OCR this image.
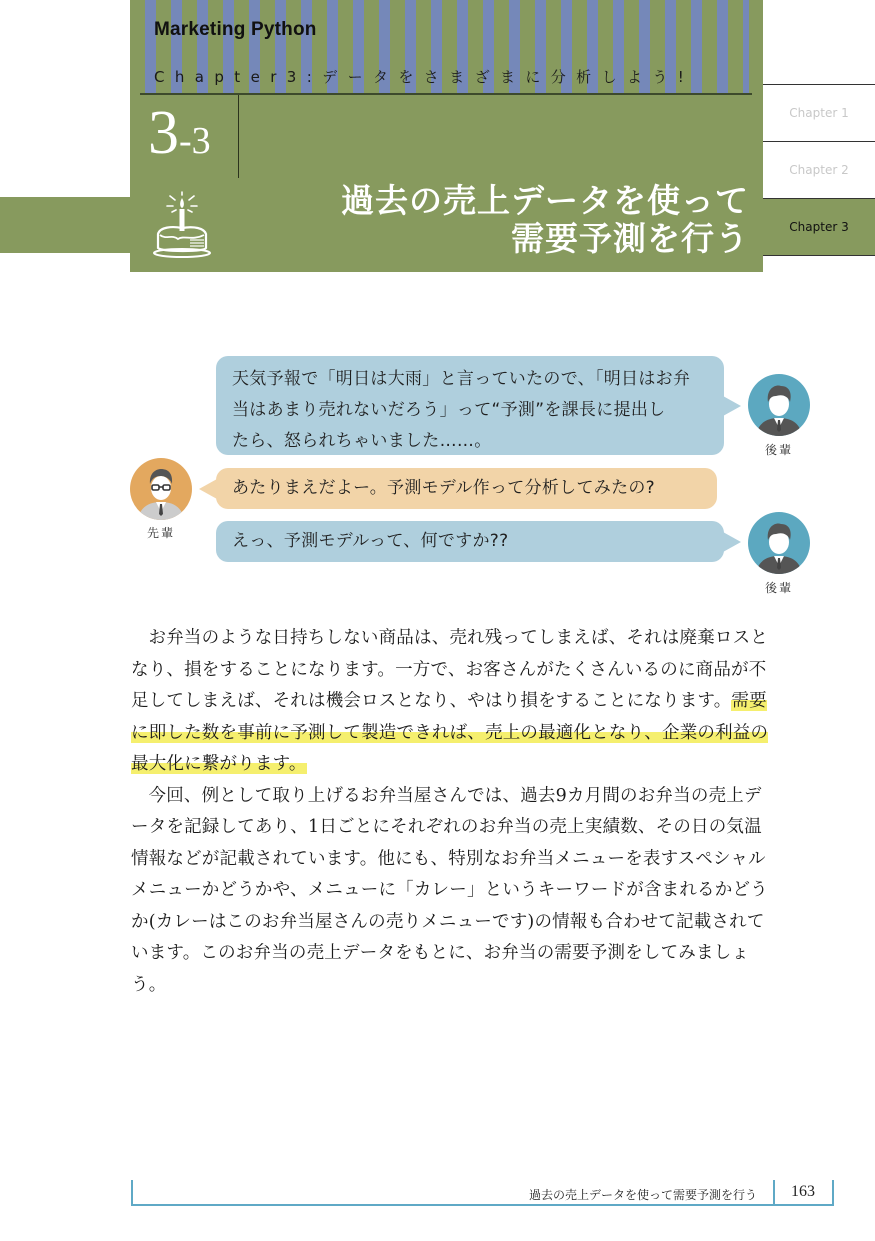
Marketing Python
Chapter3:データをさまざまに分析しよう!
3-3
過去の売上データを使って
需要予測を行う
Chapter 1
Chapter 2
Chapter 3
天気予報で「明日は大雨」と言っていたので、「明日はお弁
当はあまり売れないだろう」って“予測”を課長に提出し
たら、怒られちゃいました……。
あたりまえだよー。予測モデル作って分析してみたの?
えっ、予測モデルって、何ですか??
後輩
先輩
後輩

お弁当のような日持ちしない商品は、売れ残ってしまえば、それは廃棄ロスとなり、損をすることになります。一方で、お客さんがたくさんいるのに商品が不足してしまえば、それは機会ロスとなり、やはり損をすることになります。需要に即した数を事前に予測して製造できれば、売上の最適化となり、企業の利益の最大化に繋がります。

今回、例として取り上げるお弁当屋さんでは、過去9カ月間のお弁当の売上データを記録してあり、1日ごとにそれぞれのお弁当の売上実績数、その日の気温情報などが記載されています。他にも、特別なお弁当メニューを表すスペシャルメニューかどうかや、メニューに「カレー」というキーワードが含まれるかどうか(カレーはこのお弁当屋さんの売りメニューです)の情報も合わせて記載されています。このお弁当の売上データをもとに、お弁当の需要予測をしてみましょう。

過去の売上データを使って需要予測を行う	163
